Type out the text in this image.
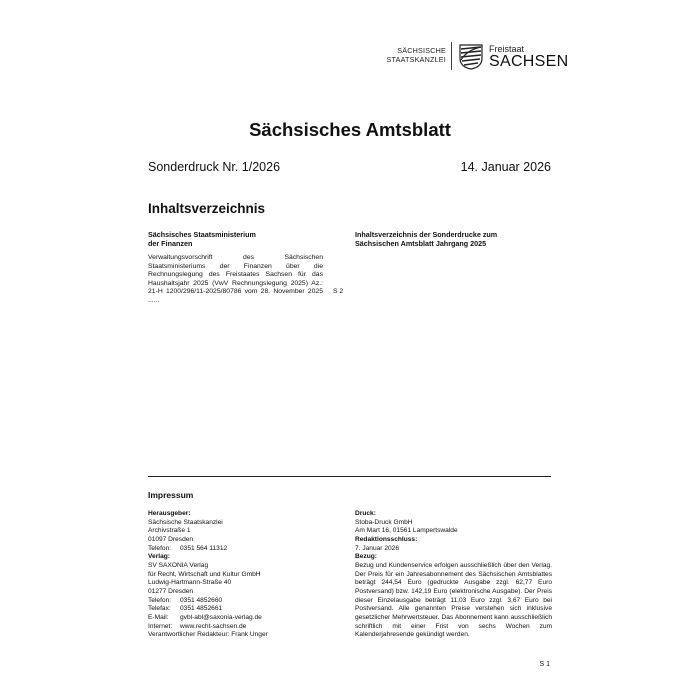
SÄCHSISCHE
STAATSKANZLEI
Freistaat
SACHSEN
Sächsisches Amtsblatt
Sonderdruck Nr. 1/2026	14. Januar 2026
Inhaltsverzeichnis
Sächsisches Staatsministerium
der Finanzen
Verwaltungsvorschrift des Sächsischen Staatsministeriums der Finanzen über die Rechnungslegung des Freistaates Sachsen für das Haushaltsjahr 2025 (VwV Rechnungslegung 2025) Az.: 21-H 1200/296/11-2025/80786 vom 28. November 2025 ......
S 2
Inhaltsverzeichnis der Sonderdrucke zum
Sächsischen Amtsblatt Jahrgang 2025
Impressum
Herausgeber:
Sächsische Staatskanzlei
Archivstraße 1
01097 Dresden
Telefon: 0351 564 11312
Verlag:
SV SAXONIA Verlag
für Recht, Wirtschaft und Kultur GmbH
Ludwig-Hartmann-Straße 40
01277 Dresden
Telefon: 0351 4852660
Telefax: 0351 4852661
E-Mail: gvbl-abl@saxonia-verlag.de
Internet: www.recht-sachsen.de
Verantwortlicher Redakteur: Frank Unger
Druck:
Stoba-Druck GmbH
Am Mart 16, 01561 Lampertswalde
Redaktionsschluss:
7. Januar 2026
Bezug:
Bezug und Kundenservice erfolgen ausschließlich über den Verlag. Der Preis für ein Jahresabonnement des Sächsischen Amtsblattes beträgt 244,54 Euro (gedruckte Ausgabe zzgl. 62,77 Euro Postversand) bzw. 142,19 Euro (elektronische Ausgabe). Der Preis dieser Einzelausgabe beträgt 11,03 Euro zzgl. 3,67 Euro bei Postversand. Alle genannten Preise verstehen sich inklusive gesetzlicher Mehrwertsteuer. Das Abonnement kann ausschließlich schriftlich mit einer Frist von sechs Wochen zum Kalenderjahresende gekündigt werden.
S 1
